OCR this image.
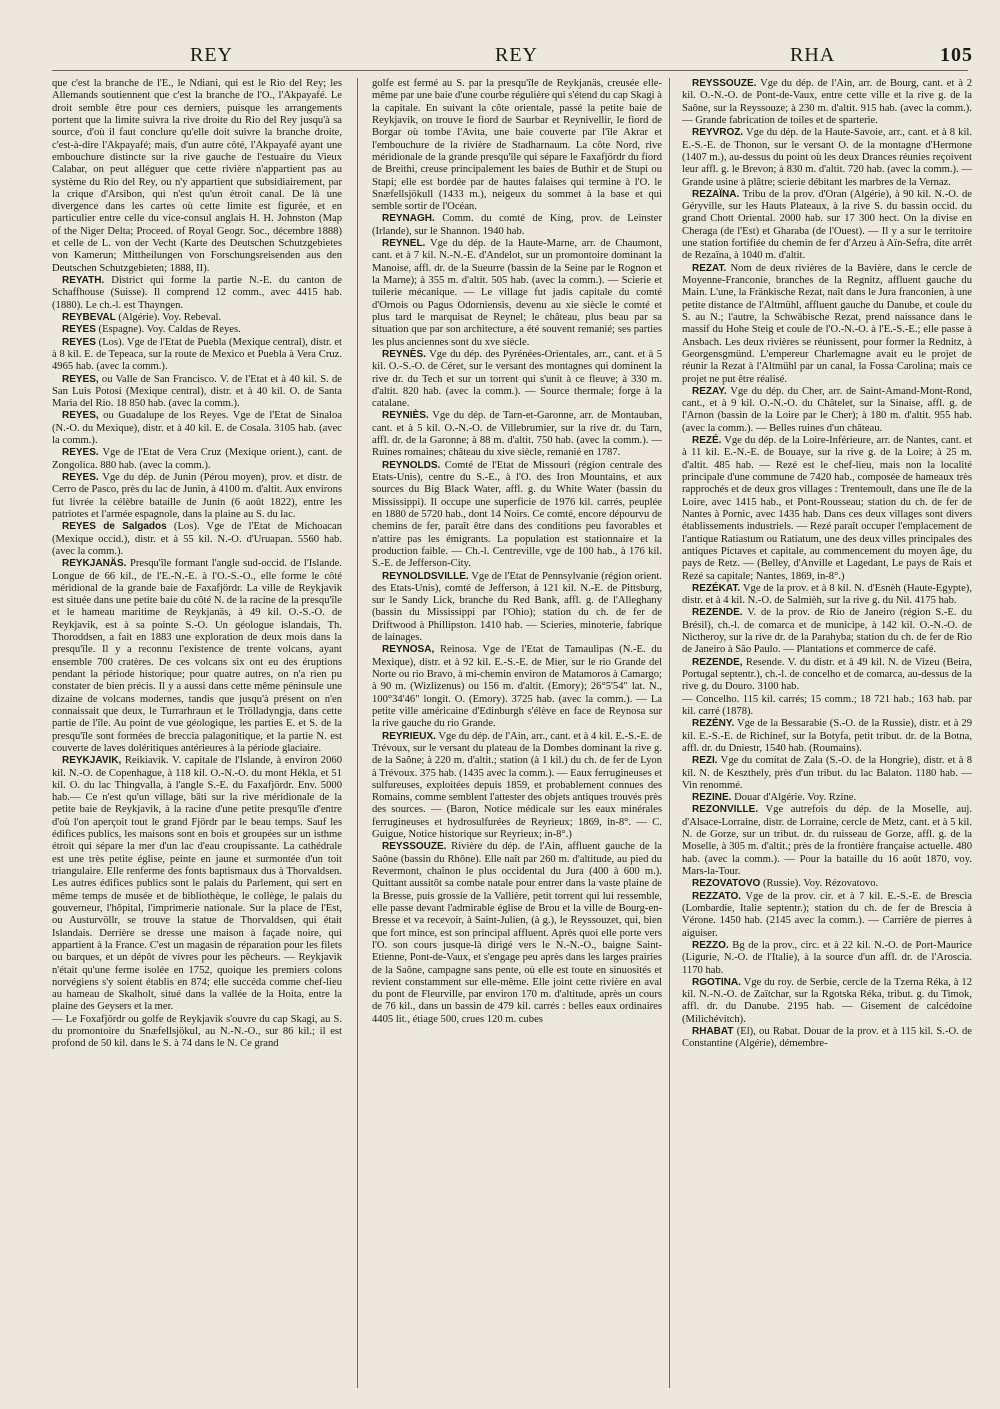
REY	REY	RHA	105

que c'est la branche de l'E., le Ndiani, qui est le Rio del Rey; les Allemands soutiennent que c'est la branche de l'O., l'Akpayafé. Le droit semble être pour ces derniers, puisque les arrangements portent que la limite suivra la rive droite du Rio del Rey jusqu'à sa source, d'où il faut conclure qu'elle doit suivre la branche droite, c'est-à-dire l'Akpayafé; mais, d'un autre côté, l'Akpayafé ayant une embouchure distincte sur la rive gauche de l'estuaire du Vieux Calabar, on peut alléguer que cette rivière n'appartient pas au système du Rio del Rey, ou n'y appartient que subsidiairement, par la crique d'Arsibon, qui n'est qu'un étroit canal. De là une divergence dans les cartes où cette limite est figurée, et en particulier entre celle du vice-consul anglais H. H. Johnston (Map of the Niger Delta; Proceed. of Royal Geogr. Soc., décembre 1888) et celle de L. von der Vecht (Karte des Deutschen Schutzgebietes von Kamerun; Mittheilungen von Forschungsreisenden aus den Deutschen Schutzgebieten; 1888, II).

REYATH. District qui forme la partie N.-E. du canton de Schaffhouse (Suisse). Il comprend 12 comm., avec 4415 hab. (1880). Le ch.-l. est Thayngen.

REYBEVAL (Algérie). Voy. Rebeval.

REYES (Espagne). Voy. Caldas de Reyes.

REYES (Los). Vge de l'Etat de Puebla (Mexique central), distr. et à 8 kil. E. de Tepeaca, sur la route de Mexico et Puebla à Vera Cruz. 4965 hab. (avec la comm.).

REYES, ou Valle de San Francisco. V. de l'Etat et à 40 kil. S. de San Luis Potosi (Mexique central), distr. et à 40 kil. O. de Santa Maria del Rio. 18 850 hab. (avec la comm.).

REYES, ou Guadalupe de los Reyes. Vge de l'Etat de Sinaloa (N.-O. du Mexique), distr. et à 40 kil. E. de Cosala. 3105 hab. (avec la comm.).

REYES. Vge de l'Etat de Vera Cruz (Mexique orient.), cant. de Zongolica. 880 hab. (avec la comm.).

REYES. Vge du dép. de Junin (Pérou moyen), prov. et distr. de Cerro de Pasco, près du lac de Junin, à 4100 m. d'altit. Aux environs fut livrée la célèbre bataille de Junin (6 août 1822), entre les patriotes et l'armée espagnole, dans la plaine au S. du lac.

REYES de Salgados (Los). Vge de l'Etat de Michoacan (Mexique occid.), distr. et à 55 kil. N.-O. d'Uruapan. 5560 hab. (avec la comm.).

REYKJANÄS. Presqu'île formant l'angle sud-occid. de l'Islande. Longue de 66 kil., de l'E.-N.-E. à l'O.-S.-O., elle forme le côté méridional de la grande baie de Faxafjördr. La ville de Reykjavik est située dans une petite baie du côté N. de la racine de la presqu'île et le hameau maritime de Reykjanäs, à 49 kil. O.-S.-O. de Reykjavik, est à sa pointe S.-O. Un géologue islandais, Th. Thoroddsen, a fait en 1883 une exploration de deux mois dans la presqu'île. Il y a reconnu l'existence de trente volcans, ayant ensemble 700 cratères. De ces volcans six ont eu des éruptions pendant la période historique; pour quatre autres, on n'a rien pu constater de bien précis. Il y a aussi dans cette même péninsule une dizaine de volcans modernes, tandis que jusqu'à présent on n'en connaissait que deux, le Turrarhraun et le Trölladyngja, dans cette partie de l'île. Au point de vue géologique, les parties E. et S. de la presqu'île sont formées de breccia palagonitique, et la partie N. est couverte de laves doléritiques antérieures à la période glaciaire.

REYKJAVIK, Reikiavik. V. capitale de l'Islande, à environ 2060 kil. N.-O. de Copenhague, à 118 kil. O.-N.-O. du mont Hékla, et 51 kil. O. du lac Thingvalla, à l'angle S.-E. du Faxafjördr. Env. 5000 hab.— Ce n'est qu'un village, bâti sur la rive méridionale de la petite baie de Reykjavik, à la racine d'une petite presqu'île d'entre d'où l'on aperçoit tout le grand Fjördr par le beau temps. Sauf les édifices publics, les maisons sont en bois et groupées sur un isthme étroit qui sépare la mer d'un lac d'eau croupissante. La cathédrale est une très petite église, peinte en jaune et surmontée d'un toit triangulaire. Elle renferme des fonts baptismaux dus à Thorvaldsen. Les autres édifices publics sont le palais du Parlement, qui sert en même temps de musée et de bibliothèque, le collège, le palais du gouverneur, l'hôpital, l'imprimerie nationale. Sur la place de l'Est, ou Austurvöllr, se trouve la statue de Thorvaldsen, qui était Islandais. Derrière se dresse une maison à façade noire, qui appartient à la France. C'est un magasin de réparation pour les filets ou barques, et un dépôt de vivres pour les pêcheurs. — Reykjavik n'était qu'une ferme isolée en 1752, quoique les premiers colons norvégiens s'y soient établis en 874; elle succéda comme chef-lieu au hameau de Skalholt, situé dans la vallée de la Hoita, entre la plaine des Geysers et la mer.

— Le Foxafjördr ou golfe de Reykjavik s'ouvre du cap Skagi, au S. du promontoire du Snæfellsjökul, au N.-N.-O., sur 86 kil.; il est profond de 50 kil. dans le S. à 74 dans le N. Ce grand

golfe est fermé au S. par la presqu'île de Reykjanäs, creusée elle-même par une baie d'une courbe régulière qui s'étend du cap Skagi à la capitale. En suivant la côte orientale, passé la petite baie de Reykjavik, on trouve le fiord de Saurbar et Reynivellir, le fiord de Borgar où tombe l'Avita, une baie couverte par l'île Akrar et l'embouchure de la rivière de Stadharnaum. La côte Nord, rive méridionale de la grande presqu'île qui sépare le Faxafjördr du fiord de Breithi, creuse principalement les baies de Buthir et de Stupi ou Stapi; elle est bordée par de hautes falaises qui termine à l'O. le Snæfellsjökull (1433 m.), neigeux du sommet à la base et qui semble sortir de l'Océan.

REYNAGH. Comm. du comté de King, prov. de Leinster (Irlande), sur le Shannon. 1940 hab.

REYNEL. Vge du dép. de la Haute-Marne, arr. de Chaumont, cant. et à 7 kil. N.-N.-E. d'Andelot, sur un promontoire dominant la Manoise, affl. dr. de la Sueurre (bassin de la Seine par le Rognon et la Marne); à 355 m. d'altit. 505 hab. (avec la comm.). — Scierie et tuilerie mécanique. — Le village fut jadis capitale du comté d'Ornois ou Pagus Odorniensis, devenu au xie siècle le comté et plus tard le marquisat de Reynel; le château, plus beau par sa situation que par son architecture, a été souvent remanié; ses parties les plus anciennes sont du xve siècle.

REYNÈS. Vge du dép. des Pyrénées-Orientales, arr., cant. et à 5 kil. O.-S.-O. de Céret, sur le versant des montagnes qui dominent la rive dr. du Tech et sur un torrent qui s'unit à ce fleuve; à 330 m. d'altit. 820 hab. (avec la comm.). — Source thermale; forge à la catalane.

REYNIÈS. Vge du dép. de Tarn-et-Garonne, arr. de Montauban, cant. et à 5 kil. O.-N.-O. de Villebrumier, sur la rive dr. du Tarn, affl. dr. de la Garonne; à 88 m. d'altit. 750 hab. (avec la comm.). — Ruines romaines; château du xive siècle, remanié en 1787.

REYNOLDS. Comté de l'Etat de Missouri (région centrale des Etats-Unis), centre du S.-E., à l'O. des Iron Mountains, et aux sources du Big Black Water, affl. g. du White Water (bassin du Mississippi). Il occupe une superficie de 1976 kil. carrés, peuplée en 1880 de 5720 hab., dont 14 Noirs. Ce comté, encore dépourvu de chemins de fer, paraît être dans des conditions peu favorables et n'attire pas les émigrants. La population est stationnaire et la production faible. — Ch.-l. Centreville, vge de 100 hab., à 176 kil. S.-E. de Jefferson-City.

REYNOLDSVILLE. Vge de l'Etat de Pennsylvanie (région orient. des Etats-Unis), comté de Jefferson, à 121 kil. N.-E. de Pittsburg, sur le Sandy Lick, branche du Red Bank, affl. g. de l'Alleghany (bassin du Mississippi par l'Ohio); station du ch. de fer de Driftwood à Phillipston. 1410 hab. — Scieries, minoterie, fabrique de lainages.

REYNOSA, Reinosa. Vge de l'Etat de Tamaulipas (N.-E. du Mexique), distr. et à 92 kil. E.-S.-E. de Mier, sur le rio Grande del Norte ou rio Bravo, à mi-chemin environ de Matamoros à Camargo; à 90 m. (Wizlizenus) ou 156 m. d'altit. (Emory); 26°5'54" lat. N., 100°34'46" longit. O. (Emory). 3725 hab. (avec la comm.). — La petite ville américaine d'Edinburgh s'élève en face de Reynosa sur la rive gauche du rio Grande.

REYRIEUX. Vge du dép. de l'Ain, arr., cant. et à 4 kil. E.-S.-E. de Trévoux, sur le versant du plateau de la Dombes dominant la rive g. de la Saône; à 220 m. d'altit.; station (à 1 kil.) du ch. de fer de Lyon à Trévoux. 375 hab. (1435 avec la comm.). — Eaux ferrugineuses et sulfureuses, exploitées depuis 1859, et probablement connues des Romains, comme semblent l'attester des objets antiques trouvés près des sources. — (Baron, Notice médicale sur les eaux minérales ferrugineuses et hydrosulfurées de Reyrieux; 1869, in-8°. — C. Guigue, Notice historique sur Reyrieux; in-8°.)

REYSSOUZE. Rivière du dép. de l'Ain, affluent gauche de la Saône (bassin du Rhône). Elle naît par 260 m. d'altitude, au pied du Revermont, chaînon le plus occidental du Jura (400 à 600 m.). Quittant aussitôt sa combe natale pour entrer dans la vaste plaine de la Bresse, puis grossie de la Vallière, petit torrent qui lui ressemble, elle passe devant l'admirable église de Brou et la ville de Bourg-en-Bresse et va recevoir, à Saint-Julien, (à g.), le Reyssouzet, qui, bien que fort mince, est son principal affluent. Après quoi elle porte vers l'O. son cours jusque-là dirigé vers le N.-N.-O., baigne Saint-Etienne, Pont-de-Vaux, et s'engage peu après dans les larges prairies de la Saône, campagne sans pente, où elle est toute en sinuosités et revient constamment sur elle-même. Elle joint cette rivière en aval du pont de Fleurville, par environ 170 m. d'altitude, après un cours de 76 kil., dans un bassin de 479 kil. carrés : belles eaux ordinaires 4405 lit., étiage 500, crues 120 m. cubes

REYSSOUZE. Vge du dép. de l'Ain, arr. de Bourg, cant. et à 2 kil. O.-N.-O. de Pont-de-Vaux, entre cette ville et la rive g. de la Saône, sur la Reyssouze; à 230 m. d'altit. 915 hab. (avec la comm.). — Grande fabrication de toiles et de sparterie.

REYVROZ. Vge du dép. de la Haute-Savoie, arr., cant. et à 8 kil. E.-S.-E. de Thonon, sur le versant O. de la montagne d'Hermone (1407 m.), au-dessus du point où les deux Drances réunies reçoivent leur affl. g. le Brevon; à 830 m. d'altit. 720 hab. (avec la comm.). — Grande usine à plâtre; scierie débitant les marbres de la Vernaz.

REZAÏNA. Tribu de la prov. d'Oran (Algérie), à 90 kil. N.-O. de Géryville, sur les Hauts Plateaux, à la rive S. du bassin occid. du grand Chott Oriental. 2000 hab. sur 17 300 hect. On la divise en Cheraga (de l'Est) et Gharaba (de l'Ouest). — Il y a sur le territoire une station fortifiée du chemin de fer d'Arzeu à Aïn-Sefra, dite arrêt de Rezaïna, à 1040 m. d'altit.

REZAT. Nom de deux rivières de la Bavière, dans le cercle de Moyenne-Franconie, branches de la Regnitz, affluent gauche du Main. L'une, la Fränkische Rezat, naît dans le Jura franconien, à une petite distance de l'Altmühl, affluent gauche du Danube, et coule du S. au N.; l'autre, la Schwäbische Rezat, prend naissance dans le massif du Hohe Steig et coule de l'O.-N.-O. à l'E.-S.-E.; elle passe à Ansbach. Les deux rivières se réunissent, pour former la Rednitz, à Georgensgmünd. L'empereur Charlemagne avait eu le projet de réunir la Rezat à l'Altmühl par un canal, la Fossa Carolina; mais ce projet ne put être réalisé.

REZAY. Vge du dép. du Cher, arr. de Saint-Amand-Mont-Rond, cant., et à 9 kil. O.-N.-O. du Châtelet, sur la Sinaise, affl. g. de l'Arnon (bassin de la Loire par le Cher); à 180 m. d'altit. 955 hab. (avec la comm.). — Belles ruines d'un château.

REZÉ. Vge du dép. de la Loire-Inférieure, arr. de Nantes, cant. et à 11 kil. E.-N.-E. de Bouaye, sur la rive g. de la Loire; à 25 m. d'altit. 485 hab. — Rezé est le chef-lieu, mais non la localité principale d'une commune de 7420 hab., composée de hameaux très rapprochés et de deux gros villages : Trentemoult, dans une île de la Loire, avec 1415 hab., et Pont-Rousseau; station du ch. de fer de Nantes à Pornic, avec 1435 hab. Dans ces deux villages sont divers établissements industriels. — Rezé paraît occuper l'emplacement de l'antique Ratiastum ou Ratiatum, une des deux villes principales des antiques Pictaves et capitale, au commencement du moyen âge, du pays de Retz. — (Belley, d'Anville et Lagedant, Le pays de Rais et Rezé sa capitale; Nantes, 1869, in-8°.)

REZÉKAT. Vge de la prov. et à 8 kil. N. d'Esnèh (Haute-Egypte), distr. et à 4 kil. N.-O. de Salmièh, sur la rive g. du Nil. 4175 hab.

REZENDE. V. de la prov. de Rio de Janeiro (région S.-E. du Brésil), ch.-l. de comarca et de municipe, à 142 kil. O.-N.-O. de Nictheroy, sur la rive dr. de la Parahyba; station du ch. de fer de Rio de Janeiro à São Paulo. — Plantations et commerce de café.

REZENDE, Resende. V. du distr. et à 49 kil. N. de Vizeu (Beira, Portugal septentr.), ch.-l. de concelho et de comarca, au-dessus de la rive g. du Douro. 3100 hab.

— Concelho. 115 kil. carrés; 15 comm.; 18 721 hab.; 163 hab. par kil. carré (1878).

REZÉNY. Vge de la Bessarabie (S.-O. de la Russie), distr. et à 29 kil. E.-S.-E. de Richinef, sur la Botyfa, petit tribut. dr. de la Botna, affl. dr. du Dniestr, 1540 hab. (Roumains).

REZI. Vge du comitat de Zala (S.-O. de la Hongrie), distr. et à 8 kil. N. de Keszthely, près d'un tribut. du lac Balaton. 1180 hab. — Vin renommé.

REZINE. Douar d'Algérie. Voy. Rzine.

REZONVILLE. Vge autrefois du dép. de la Moselle, auj. d'Alsace-Lorraine, distr. de Lorraine, cercle de Metz, cant. et à 5 kil. N. de Gorze, sur un tribut. dr. du ruisseau de Gorze, affl. g. de la Moselle, à 305 m. d'altit.; près de la frontière française actuelle. 480 hab. (avec la comm.). — Pour la bataille du 16 août 1870, voy. Mars-la-Tour.

REZOVATOVO (Russie). Voy. Rézovatovo.

REZZATO. Vge de la prov. cir. et à 7 kil. E.-S.-E. de Brescia (Lombardie, Italie septentr.); station du ch. de fer de Brescia à Vérone. 1450 hab. (2145 avec la comm.). — Carrière de pierres à aiguiser.

REZZO. Bg de la prov., circ. et à 22 kil. N.-O. de Port-Maurice (Ligurie, N.-O. de l'Italie), à la source d'un affl. dr. de l'Aroscia. 1170 hab.

RGOTINA. Vge du roy. de Serbie, cercle de la Tzerna Réka, à 12 kil. N.-N.-O. de Zaïtchar, sur la Rgotska Réka, tribut. g. du Timok, affl. dr. du Danube. 2195 hab. — Gisement de calcédoine (Milichévitch).

RHABAT (El), ou Rabat. Douar de la prov. et à 115 kil. S.-O. de Constantine (Algérie), démembre-
